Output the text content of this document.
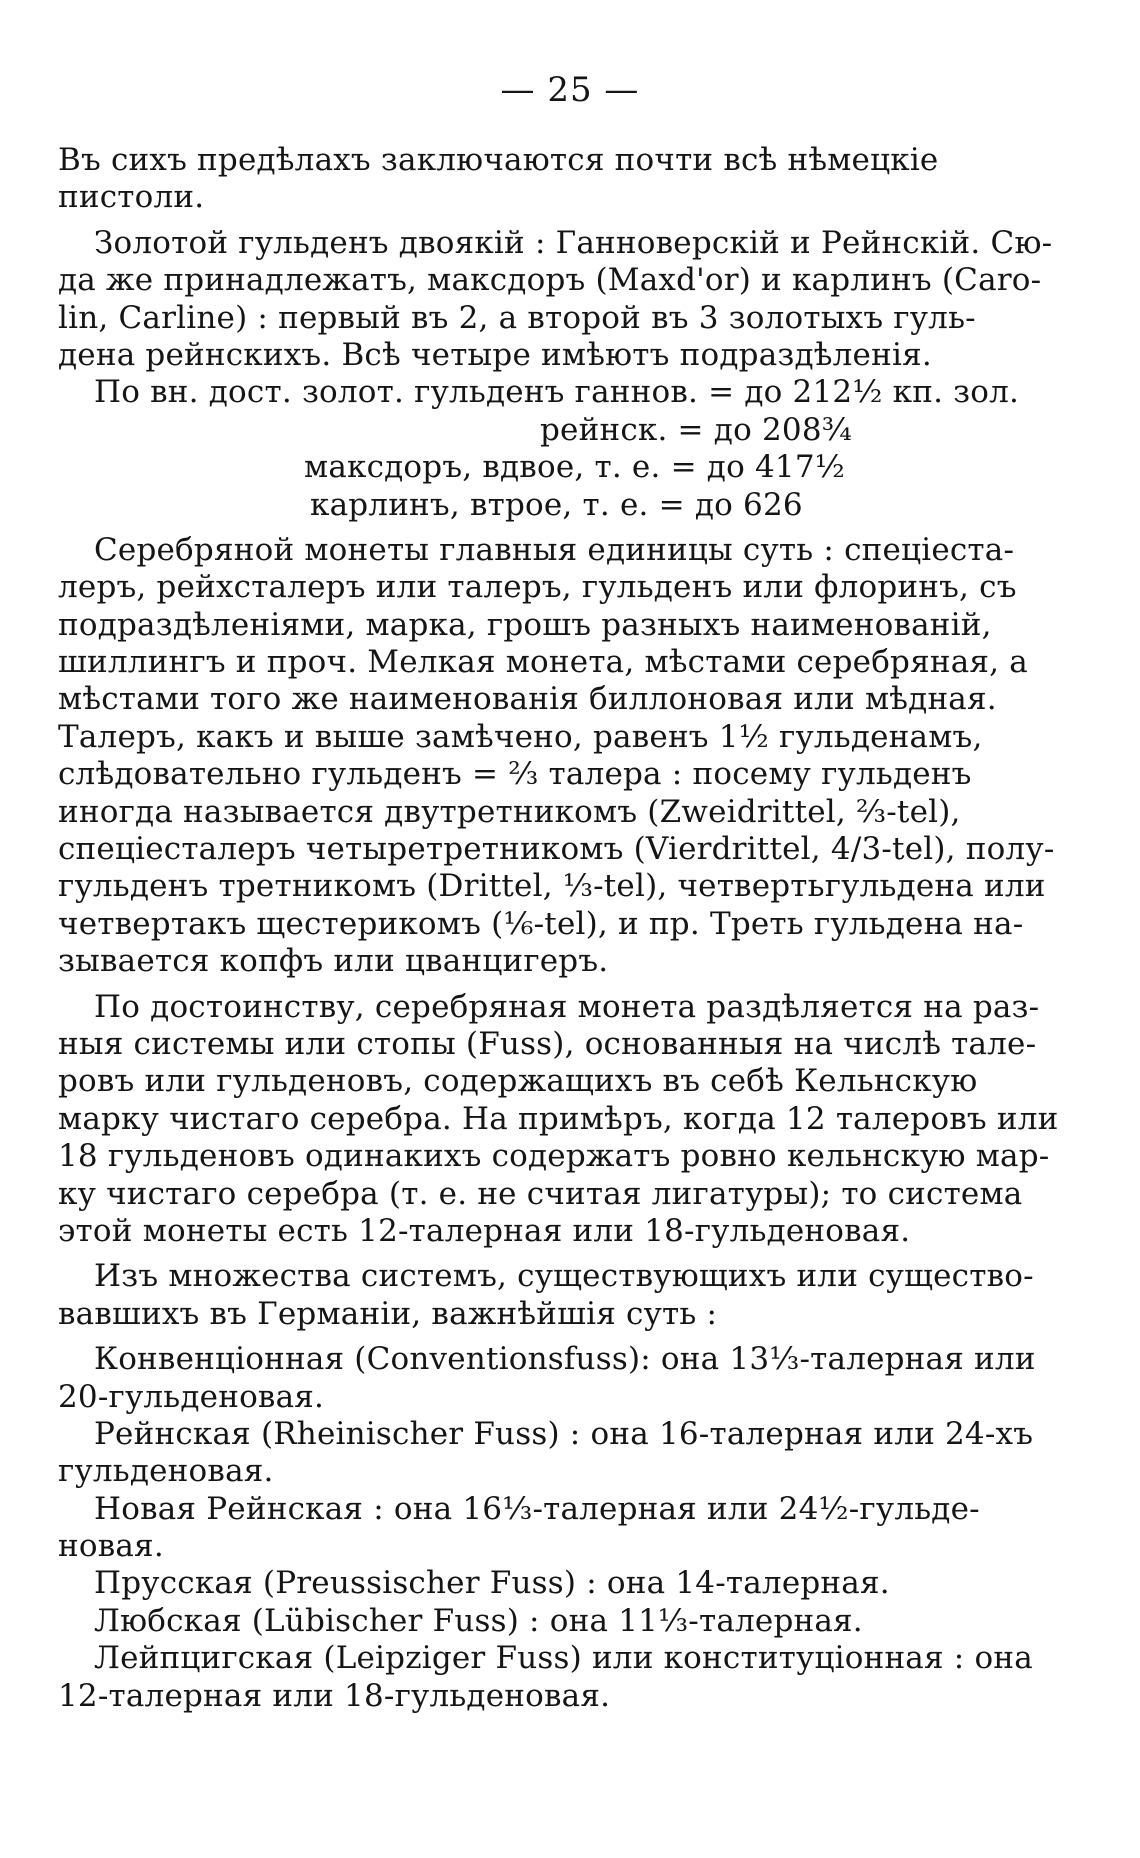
— 25 —
Въ сихъ предѣлахъ заключаются почти всѣ нѣмецкіе
пистоли.
Золотой гульденъ двоякій : Ганноверскій и Рейнскій. Сю-
да же принадлежатъ, максдоръ (Maxd'or) и карлинъ (Caro-
lin, Carline) : первый въ 2, а второй въ 3 золотыхъ гуль-
дена рейнскихъ. Всѣ четыре имѣютъ подраздѣленія.
По вн. дост. золот. гульденъ ганнов. = до 212½ кп. зол.
рейнск. = до 208¾
максдоръ, вдвое, т. е. = до 417½
карлинъ, втрое, т. е. = до 626
Серебряной монеты главныя единицы суть : спеціеста-
леръ, рейхсталеръ или талеръ, гульденъ или флоринъ, съ
подраздѣленіями, марка, грошъ разныхъ наименованій,
шиллингъ и проч. Мелкая монета, мѣстами серебряная, а
мѣстами того же наименованія биллоновая или мѣдная.
Талеръ, какъ и выше замѣчено, равенъ 1½ гульденамъ,
слѣдовательно гульденъ = ⅔ талера : посему гульденъ
иногда называется двутретникомъ (Zweidrittel, ⅔-tel),
спеціесталеръ четыретретникомъ (Vierdrittel, 4/3-tel), полу-
гульденъ третникомъ (Drittel, ⅓-tel), четвертьгульдена или
четвертакъ щестерикомъ (⅙-tel), и пр. Треть гульдена на-
зывается копфъ или цванцигеръ.
По достоинству, серебряная монета раздѣляется на раз-
ныя системы или стопы (Fuss), основанныя на числѣ тале-
ровъ или гульденовъ, содержащихъ въ себѣ Кельнскую
марку чистаго серебра. На примѣръ, когда 12 талеровъ или
18 гульденовъ одинакихъ содержатъ ровно кельнскую мар-
ку чистаго серебра (т. е. не считая лигатуры); то система
этой монеты есть 12-талерная или 18-гульденовая.
Изъ множества системъ, существующихъ или существо-
вавшихъ въ Германіи, важнѣйшія суть :
Конвенціонная (Conventionsfuss): она 13⅓-талерная или
20-гульденовая.
Рейнская (Rheinischer Fuss) : она 16-талерная или 24-хъ
гульденовая.
Новая Рейнская : она 16⅓-талерная или 24½-гульде-
новая.
Прусская (Preussischer Fuss) : она 14-талерная.
Любская (Lübischer Fuss) : она 11⅓-талерная.
Лейпцигская (Leipziger Fuss) или конституціонная : она
12-талерная или 18-гульденовая.
